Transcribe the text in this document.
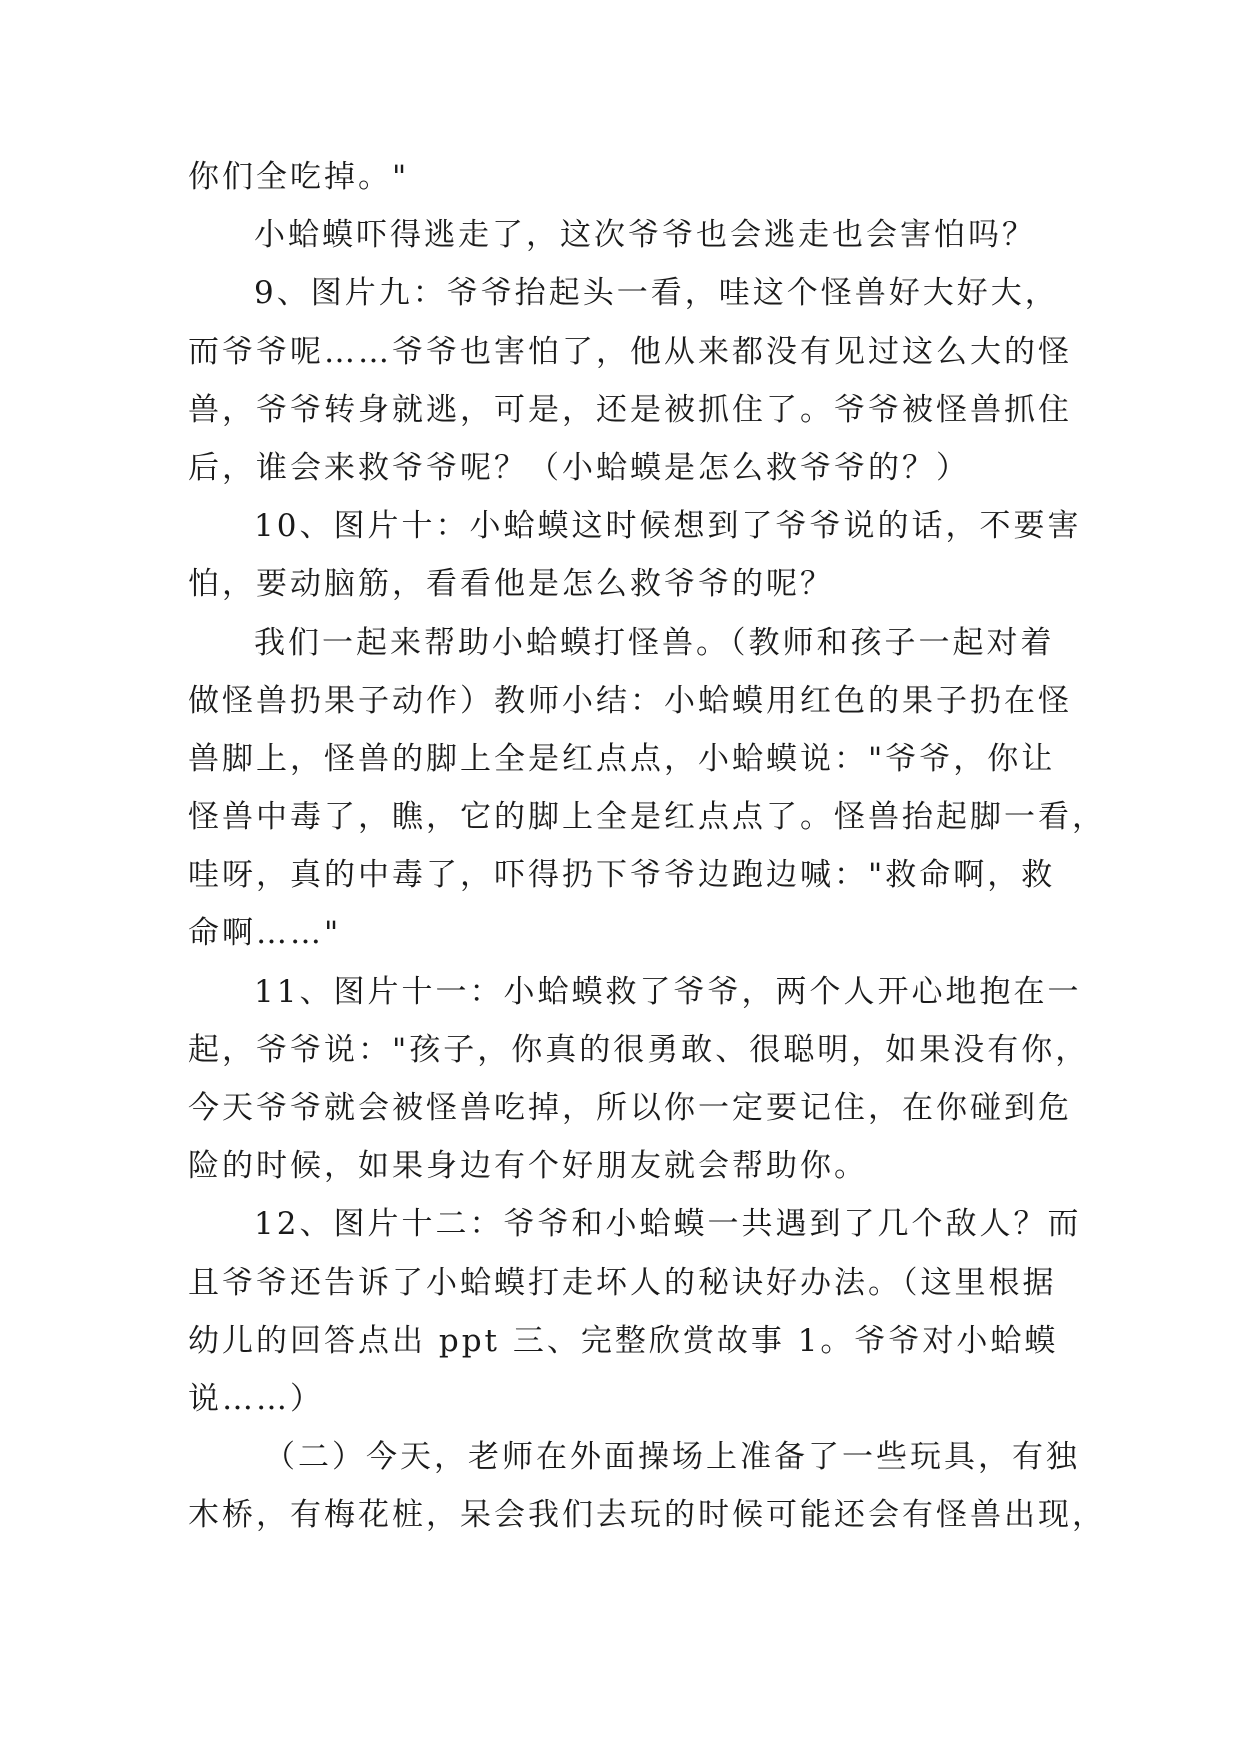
你们全吃掉。"
小蛤蟆吓得逃走了，这次爷爷也会逃走也会害怕吗？
9、图片九：爷爷抬起头一看，哇这个怪兽好大好大，
而爷爷呢……爷爷也害怕了，他从来都没有见过这么大的怪
兽，爷爷转身就逃，可是，还是被抓住了。爷爷被怪兽抓住
后，谁会来救爷爷呢？（小蛤蟆是怎么救爷爷的？）
10、图片十：小蛤蟆这时候想到了爷爷说的话，不要害
怕，要动脑筋，看看他是怎么救爷爷的呢？
我们一起来帮助小蛤蟆打怪兽。（教师和孩子一起对着
做怪兽扔果子动作）教师小结：小蛤蟆用红色的果子扔在怪
兽脚上，怪兽的脚上全是红点点，小蛤蟆说："爷爷，你让
怪兽中毒了，瞧，它的脚上全是红点点了。怪兽抬起脚一看，
哇呀，真的中毒了，吓得扔下爷爷边跑边喊："救命啊，救
命啊……"
11、图片十一：小蛤蟆救了爷爷，两个人开心地抱在一
起，爷爷说："孩子，你真的很勇敢、很聪明，如果没有你，
今天爷爷就会被怪兽吃掉，所以你一定要记住，在你碰到危
险的时候，如果身边有个好朋友就会帮助你。
12、图片十二：爷爷和小蛤蟆一共遇到了几个敌人？而
且爷爷还告诉了小蛤蟆打走坏人的秘诀好办法。（这里根据
幼儿的回答点出 ppt 三、完整欣赏故事 1。爷爷对小蛤蟆
说……）
（二）今天，老师在外面操场上准备了一些玩具，有独
木桥，有梅花桩，呆会我们去玩的时候可能还会有怪兽出现，
